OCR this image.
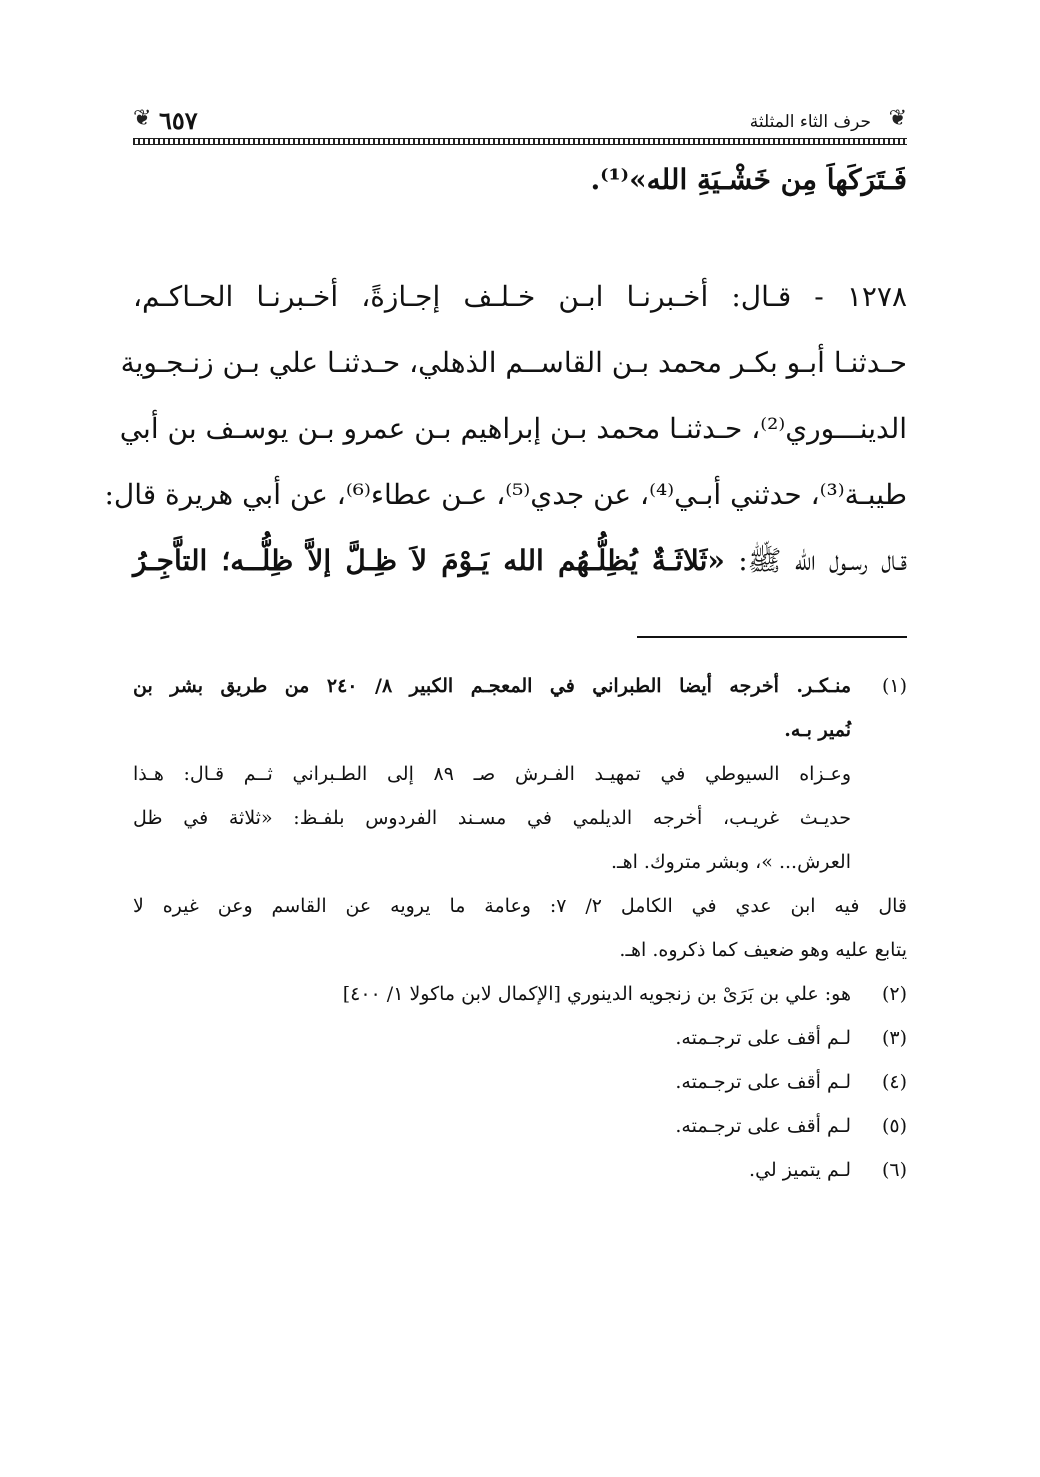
❦
حرف الثاء المثلثة
٦٥٧
❦
فَـتَرَكَهاَ مِن خَشْـيَةِ الله»⁽¹⁾.
١٢٧٨ - قـال: أخـبرنـا ابـن خـلـف إجـازةً، أخـبرنـا الحـاكـم،
حـدثنـا أبـو بكـر محمد بـن القاســم الذهلي، حـدثنـا علي بـن زنـجـوية
الدينـــوري⁽²⁾، حـدثنـا محمد بـن إبراهيم بـن عمرو بـن يوسـف بن أبي
طيبـة⁽³⁾، حدثني أبـي⁽⁴⁾، عن جدي⁽⁵⁾، عـن عطاء⁽⁶⁾، عن أبي هريرة قال:
قـال رسـول الله ﷺ: «ثَلاثَـةٌ يُظِلُّـهُم الله يَـوْمَ لاَ ظِـلَّ إلاَّ ظِلُّــه؛ التاَّجِـرُ
(١)
منـكـر. أخرجه أيضا الطبراني في المعجـم الكبير ٨/ ٢٤٠ من طريق بشر بن
نُمير بـه.
وعـزاه السيوطي في تمهيـد الفـرش صـ ٨٩ إلى الطـبراني ثــم قـال: هـذا
حديـث غريـب، أخرجه الديلمي في مسـند الفردوس بلفـظ: «ثلاثة في ظل
العرش... »، وبشر متروك. اهـ.
قال فيه ابن عدي في الكامل ٢/ ٧: وعامة ما يرويه عن القاسم وعن غيره لا
يتابع عليه وهو ضعيف كما ذكروه. اهـ.
(٢)
هو: علي بن بَرَىْ بن زنجويه الدينوري [الإكمال لابن ماكولا ١/ ٤٠٠]
(٣)
لـم أقف على ترجـمته.
(٤)
لـم أقف على ترجـمته.
(٥)
لـم أقف على ترجـمته.
(٦)
لـم يتميز لي.
